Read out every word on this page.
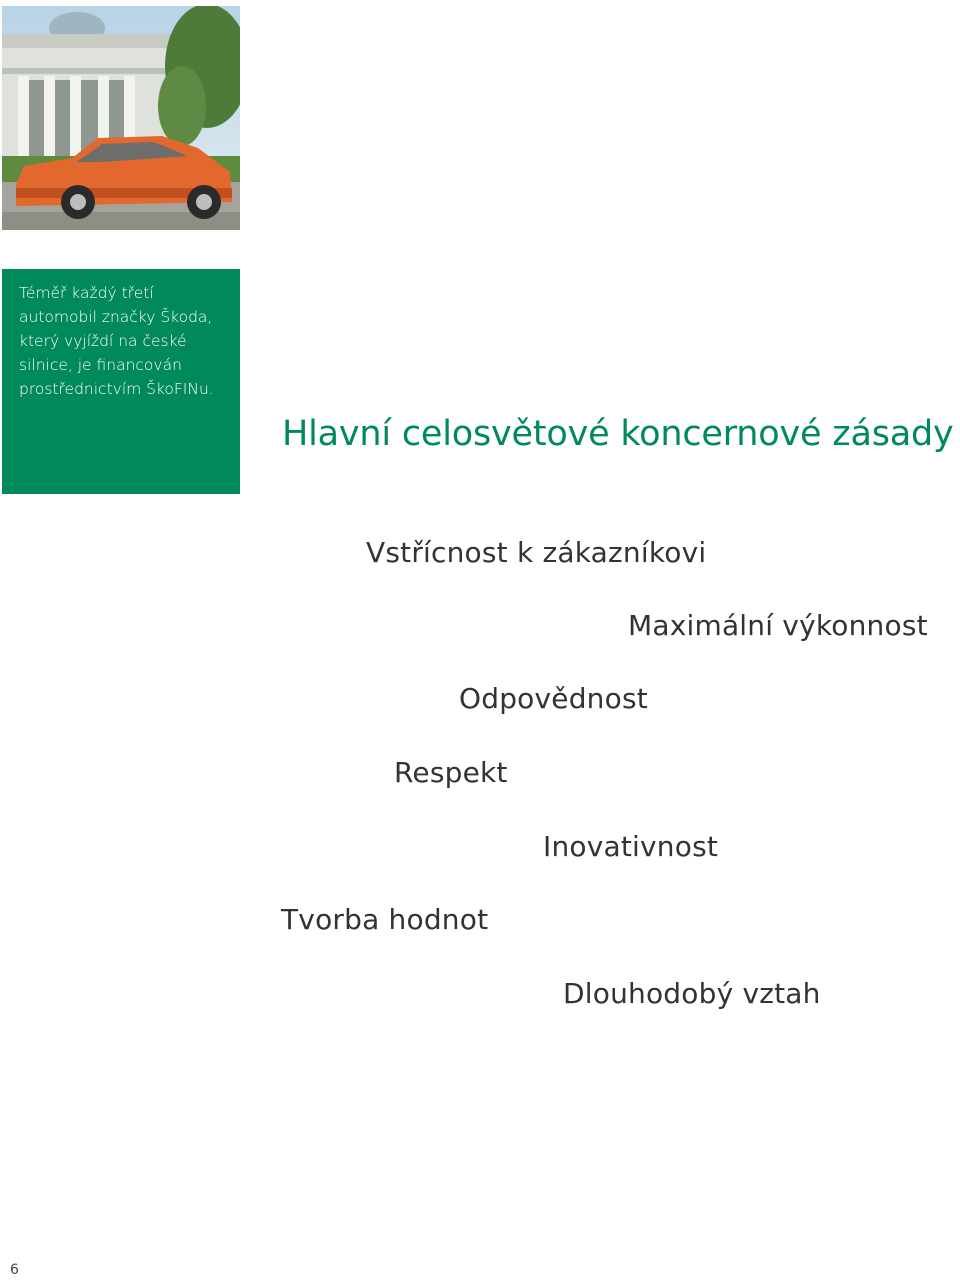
Téměř každý třetí
automobil značky Škoda,
který vyjíždí na české
silnice, je financován
prostřednictvím ŠkoFINu.

Hlavní celosvětové koncernové zásady

Vstřícnost k zákazníkovi

Maximální výkonnost

Odpovědnost

Respekt

Inovativnost

Tvorba hodnot

Dlouhodobý vztah

6
